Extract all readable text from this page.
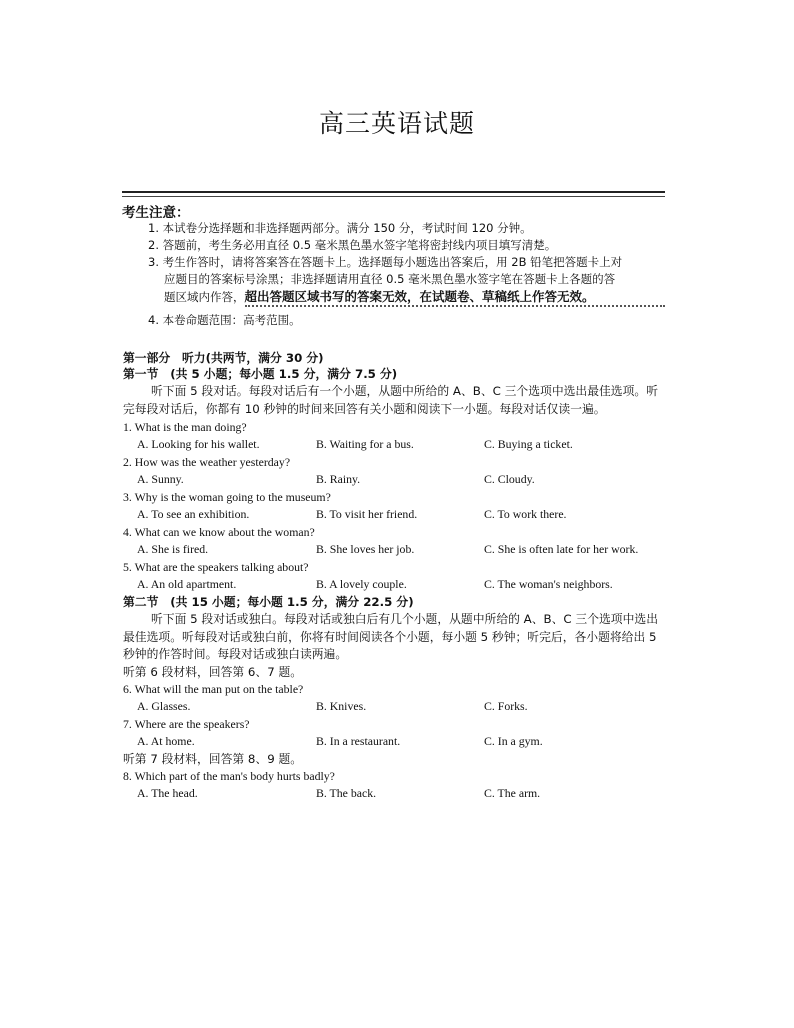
高三英语试题
考生注意：
1. 本试卷分选择题和非选择题两部分。满分 150 分，考试时间 120 分钟。
2. 答题前，考生务必用直径 0.5 毫米黑色墨水签字笔将密封线内项目填写清楚。
3. 考生作答时，请将答案答在答题卡上。选择题每小题选出答案后，用 2B 铅笔把答题卡上对
应题目的答案标号涂黑；非选择题请用直径 0.5 毫米黑色墨水签字笔在答题卡上各题的答
题区域内作答，超出答题区域书写的答案无效，在试题卷、草稿纸上作答无效。
4. 本卷命题范围：高考范围。
第一部分　听力(共两节，满分 30 分)
第一节　(共 5 小题；每小题 1.5 分，满分 7.5 分)
听下面 5 段对话。每段对话后有一个小题，从题中所给的 A、B、C 三个选项中选出最佳选项。听完每段对话后，你都有 10 秒钟的时间来回答有关小题和阅读下一小题。每段对话仅读一遍。
1. What is the man doing?
A. Looking for his wallet.	B. Waiting for a bus.	C. Buying a ticket.
2. How was the weather yesterday?
A. Sunny.	B. Rainy.	C. Cloudy.
3. Why is the woman going to the museum?
A. To see an exhibition.	B. To visit her friend.	C. To work there.
4. What can we know about the woman?
A. She is fired.	B. She loves her job.	C. She is often late for her work.
5. What are the speakers talking about?
A. An old apartment.	B. A lovely couple.	C. The woman's neighbors.
第二节　(共 15 小题；每小题 1.5 分，满分 22.5 分)
听下面 5 段对话或独白。每段对话或独白后有几个小题，从题中所给的 A、B、C 三个选项中选出最佳选项。听每段对话或独白前，你将有时间阅读各个小题，每小题 5 秒钟；听完后，各小题将给出 5 秒钟的作答时间。每段对话或独白读两遍。
听第 6 段材料，回答第 6、7 题。
6. What will the man put on the table?
A. Glasses.	B. Knives.	C. Forks.
7. Where are the speakers?
A. At home.	B. In a restaurant.	C. In a gym.
听第 7 段材料，回答第 8、9 题。
8. Which part of the man's body hurts badly?
A. The head.	B. The back.	C. The arm.
